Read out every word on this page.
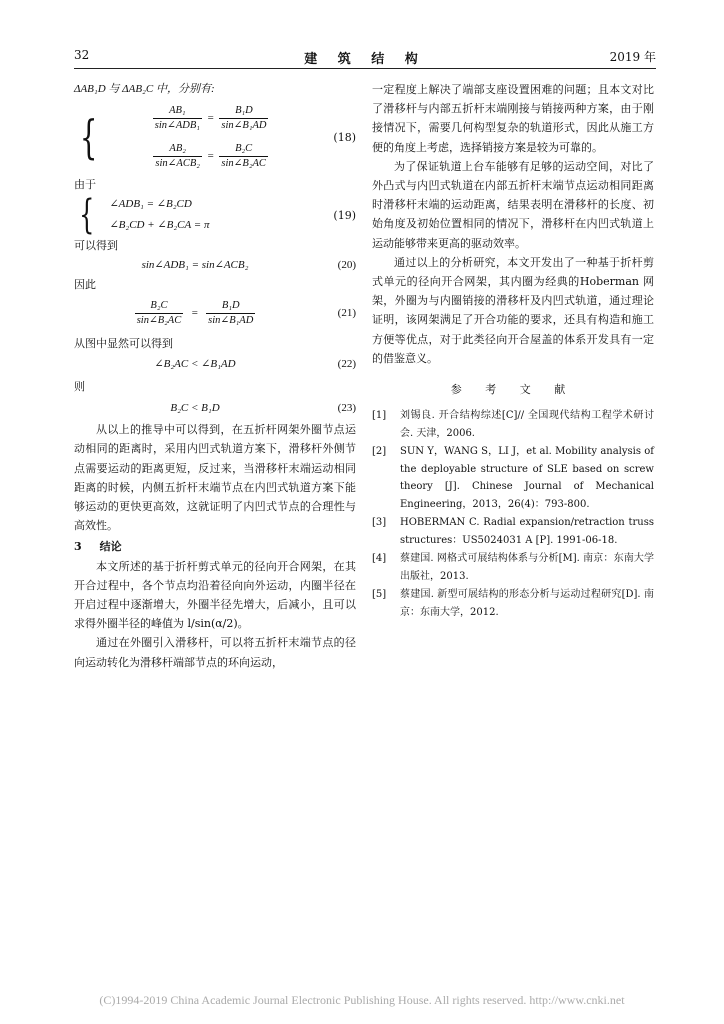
32	建 筑 结 构	2019 年

ΔAB₁D 与 ΔAB₂C 中，分别有:

{	$\frac{\text{AB₁}}{\text{sin∠ADB₁}} = \frac{\text{B₁D}}{\text{sin∠B₁AD}}$
$\frac{\text{AB₂}}{\text{sin∠ACB₂}} = \frac{\text{B₂C}}{\text{sin∠B₂AC}}$
(18)

由于

{ ∠ADB₁ = ∠B₂CD
∠B₂CD + ∠B₂CA = π
(19)

可以得到

sin∠ADB₁ = sin∠ACB₂	(20)

因此

$\frac{\text{B₂C}}{\text{sin∠B₂AC}} = \frac{\text{B₁D}}{\text{sin∠B₁AD}}$	(21)

从图中显然可以得到

∠B₂AC < ∠B₁AD	(22)

则

B₂C < B₁D	(23)

从以上的推导中可以得到，在五折杆网架外圈节点运动相同的距离时，采用内凹式轨道方案下，滑移杆外侧节点需要运动的距离更短，反过来，当滑移杆末端运动相同距离的时候，内侧五折杆末端节点在内凹式轨道方案下能够运动的更快更高效，这就证明了内凹式节点的合理性与高效性。

3 结论

本文所述的基于折杆剪式单元的径向开合网架，在其开合过程中，各个节点均沿着径向向外运动，内圈半径在开启过程中逐渐增大，外圈半径先增大，后减小，且可以求得外圈半径的峰值为 l/sin(α/2)。

通过在外圈引入滑移杆，可以将五折杆末端节点的径向运动转化为滑移杆端部节点的环向运动，

一定程度上解决了端部支座设置困难的问题；且本文对比了滑移杆与内部五折杆末端刚接与销接两种方案，由于刚接情况下，需要几何构型复杂的轨道形式，因此从施工方便的角度上考虑，选择销接方案是较为可靠的。

为了保证轨道上台车能够有足够的运动空间，对比了外凸式与内凹式轨道在内部五折杆末端节点运动相同距离时滑移杆末端的运动距离，结果表明在滑移杆的长度、初始角度及初始位置相同的情况下，滑移杆在内凹式轨道上运动能够带来更高的驱动效率。

通过以上的分析研究，本文开发出了一种基于折杆剪式单元的径向开合网架，其内圈为经典的Hoberman 网架，外圈为与内圈销接的滑移杆及内凹式轨道，通过理论证明，该网架满足了开合功能的要求，还具有构造和施工方便等优点，对于此类径向开合屋盖的体系开发具有一定的借鉴意义。

参 考 文 献
[1]	刘锡良. 开合结构综述[C]// 全国现代结构工程学术研讨会. 天津，2006.
[2]	SUN Y，WANG S，LI J，et al. Mobility analysis of the deployable structure of SLE based on screw theory [J]. Chinese Journal of Mechanical Engineering，2013，26(4)：793-800.
[3]	HOBERMAN C. Radial expansion/retraction truss structures：US5024031 A [P]. 1991-06-18.
[4]	蔡建国. 网格式可展结构体系与分析[M]. 南京：东南大学出版社，2013.
[5]	蔡建国. 新型可展结构的形态分析与运动过程研究[D]. 南京：东南大学，2012.
(C)1994-2019 China Academic Journal Electronic Publishing House. All rights reserved. http://www.cnki.net
